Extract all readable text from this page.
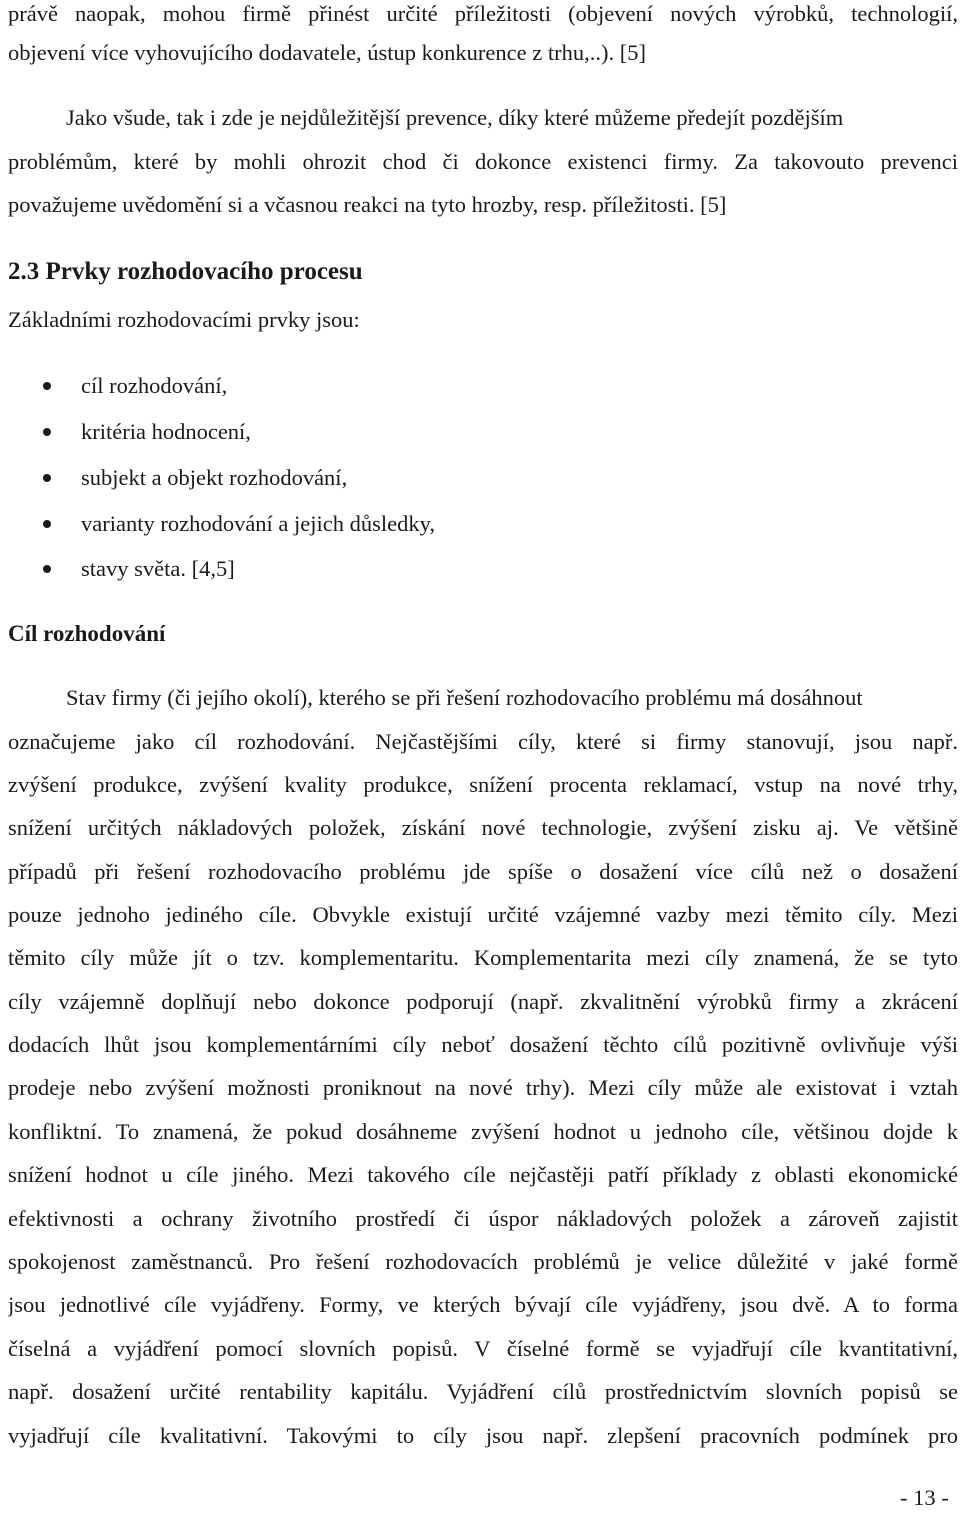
právě naopak, mohou firmě přinést určité příležitosti (objevení nových výrobků, technologií,
objevení více vyhovujícího dodavatele, ústup konkurence z trhu,..). [5]
Jako všude, tak i zde je nejdůležitější prevence, díky které můžeme předejít pozdějším
problémům, které by mohli ohrozit chod či dokonce existenci firmy. Za takovouto prevenci
považujeme uvědomění si a včasnou reakci na tyto hrozby, resp. příležitosti. [5]
2.3 Prvky rozhodovacího procesu
Základními rozhodovacími prvky jsou:
cíl rozhodování,
kritéria hodnocení,
subjekt a objekt rozhodování,
varianty rozhodování a jejich důsledky,
stavy světa. [4,5]
Cíl rozhodování
Stav firmy (či jejího okolí), kterého se při řešení rozhodovacího problému má dosáhnout
označujeme jako cíl rozhodování. Nejčastějšími cíly, které si firmy stanovují, jsou např.
zvýšení produkce, zvýšení kvality produkce, snížení procenta reklamací, vstup na nové trhy,
snížení určitých nákladových položek, získání nové technologie, zvýšení zisku aj. Ve většině
případů při řešení rozhodovacího problému jde spíše o dosažení více cílů než o dosažení
pouze jednoho jediného cíle. Obvykle existují určité vzájemné vazby mezi těmito cíly. Mezi
těmito cíly může jít o tzv. komplementaritu. Komplementarita mezi cíly znamená, že se tyto
cíly vzájemně doplňují nebo dokonce podporují (např. zkvalitnění výrobků firmy a zkrácení
dodacích lhůt jsou komplementárními cíly neboť dosažení těchto cílů pozitivně ovlivňuje výši
prodeje nebo zvýšení možnosti proniknout na nové trhy). Mezi cíly může ale existovat i vztah
konfliktní. To znamená, že pokud dosáhneme zvýšení hodnot u jednoho cíle, většinou dojde k
snížení hodnot u cíle jiného. Mezi takového cíle nejčastěji patří příklady z oblasti ekonomické
efektivnosti a ochrany životního prostředí či úspor nákladových položek a zároveň zajistit
spokojenost zaměstnanců. Pro řešení rozhodovacích problémů je velice důležité v jaké formě
jsou jednotlivé cíle vyjádřeny. Formy, ve kterých bývají cíle vyjádřeny, jsou dvě. A to forma
číselná a vyjádření pomocí slovních popisů. V číselné formě se vyjadřují cíle kvantitativní,
např. dosažení určité rentability kapitálu. Vyjádření cílů prostřednictvím slovních popisů se
vyjadřují cíle kvalitativní. Takovými to cíly jsou např. zlepšení pracovních podmínek pro
- 13 -
